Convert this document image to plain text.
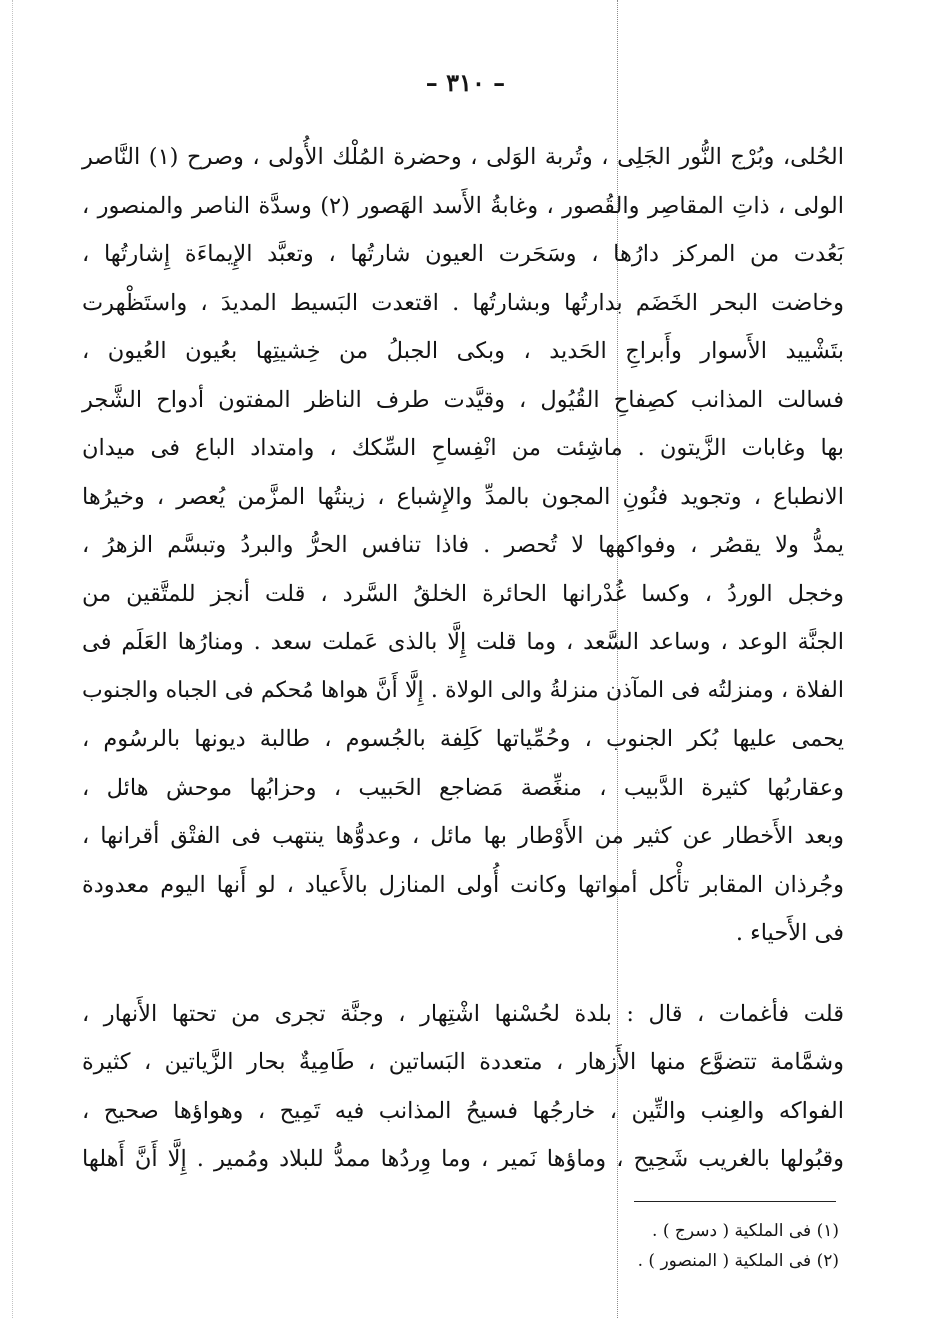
– ٣١٠ –
الحُلى، وبُرْج النُّور الجَلِى ، وتُربة الوَلى ، وحضرة المُلْك الأُولى ، وصرح (١) النَّاصر
الولى ، ذاتِ المقاصِر والقُصور ، وغابةُ الأَسد الهَصور (٢) وسدَّة الناصر والمنصور ،
بَعُدت من المركز دارُها ، وسَحَرت العيون شارتُها ، وتعبَّد الإِيماءَة إِشارتُها ،
وخاضت البحر الخَضَم بدارتُها وبشارتُها . اقتعدت البَسيط المديدَ ، واستَظْهرت
بتَشْييد الأَسوار وأَبراجِ الحَديد ، وبكى الجبلُ من خِشيتِها بعُيون العُيون ،
فسالت المذانب كصِفاحِ القُيُول ، وقيَّدت طرف الناظر المفتون أدواح الشَّجر
بها وغابات الزَّيتون . ماشِئت من انْفِساحِ السِّكك ، وامتداد الباع فى ميدان
الانطباع ، وتجويد فنُونِ المجون بالمدِّ والإِشباع ، زينتُها المزَّمن يُعصر ، وخيرُها
يمدُّ ولا يقصُر ، وفواكهها لا تُحصر . فاذا تنافس الحرُّ والبردُ وتبسَّم الزهرُ ،
وخجل الوردُ ، وكسا غُدْرانها الحائرة الخلقُ السَّرد ، قلت أنجز للمتَّقين من
الجنَّة الوعد ، وساعد السَّعد ، وما قلت إِلَّا بالذى عَملت سعد . ومنارُها العَلَم فى
الفلاة ، ومنزلتُه فى المآذن منزلةُ والى الولاة . إِلَّا أَنَّ هواها مُحكم فى الجباه والجنوب
يحمى عليها بُكر الجنوب ، وحُمِّياتها كَلِفة بالجُسوم ، طالبة ديونها بالرسُوم ،
وعقاربُها كثيرة الدَّبيب ، منغِّصة مَضاجع الحَبيب ، وحزابُها موحش هائل ،
وبعد الأَخطار عن كثير من الأَوْطار بها مائل ، وعدوُّها ينتهب فى الفتْق أقرانها ،
وجُرذان المقابر تأْكل أمواتها وكانت أُولى المنازل بالأَعياد ، لو أَنها اليوم معدودة
فى الأَحياء .
قلت فأغمات ، قال : بلدة لحُسْنها اشْتِهار ، وجنَّة تجرى من تحتها الأَنهار ،
وشمَّامة تتضوَّع منها الأَزهار ، متعددة البَساتين ، طَامِيةٌ بحار الزَّياتين ، كثيرة
الفواكه والعِنب والتِّين ، خارجُها فسيحُ المذانب فيه تَمِيح ، وهواؤها صحيح ،
وقبُولها بالغريب شَحِيح ، وماؤها نَمير ، وما وِردُها ممدُّ للبلاد ومُمير . إِلَّا أَنَّ أَهلها
(١) فى الملكية ( دسرج ) .
(٢) فى الملكية ( المنصور ) .
